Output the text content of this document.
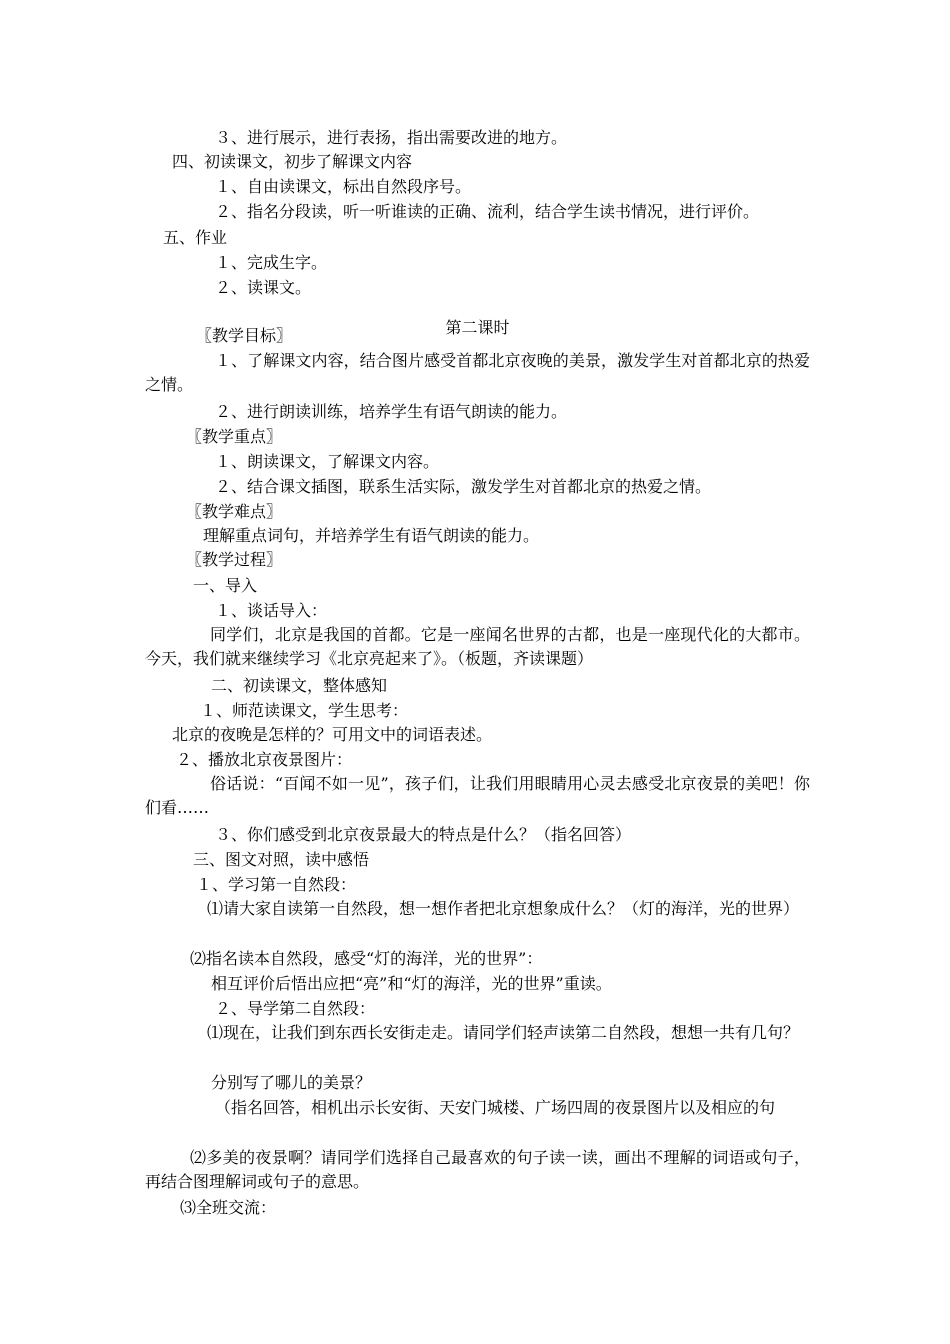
３、进行展示，进行表扬，指出需要改进的地方。

四、初读课文，初步了解课文内容

１、自由读课文，标出自然段序号。

２、指名分段读，听一听谁读的正确、流利，结合学生读书情况，进行评价。

五、作业

１、完成生字。

２、读课文。

第二课时

〖教学目标〗

１、了解课文内容，结合图片感受首都北京夜晚的美景，激发学生对首都北京的热爱之情。

２、进行朗读训练，培养学生有语气朗读的能力。

〖教学重点〗

１、朗读课文，了解课文内容。

２、结合课文插图，联系生活实际，激发学生对首都北京的热爱之情。

〖教学难点〗

理解重点词句，并培养学生有语气朗读的能力。

〖教学过程〗

一、导入

１、谈话导入：

同学们，北京是我国的首都。它是一座闻名世界的古都，也是一座现代化的大都市。今天，我们就来继续学习《北京亮起来了》。（板题，齐读课题）

二、初读课文，整体感知

１、师范读课文，学生思考：

北京的夜晚是怎样的？可用文中的词语表述。

２、播放北京夜景图片：

俗话说：“百闻不如一见”，孩子们，让我们用眼睛用心灵去感受北京夜景的美吧！你们看……

３、你们感受到北京夜景最大的特点是什么？（指名回答）

三、图文对照，读中感悟

１、学习第一自然段：

⑴请大家自读第一自然段，想一想作者把北京想象成什么？（灯的海洋，光的世界）

⑵指名读本自然段，感受“灯的海洋，光的世界”：

相互评价后悟出应把“亮”和“灯的海洋，光的世界”重读。

２、导学第二自然段：

⑴现在，让我们到东西长安街走走。请同学们轻声读第二自然段，想想一共有几句？

分别写了哪儿的美景？

（指名回答，相机出示长安街、天安门城楼、广场四周的夜景图片以及相应的句

⑵多美的夜景啊？请同学们选择自己最喜欢的句子读一读，画出不理解的词语或句子，再结合图理解词或句子的意思。

⑶全班交流：
